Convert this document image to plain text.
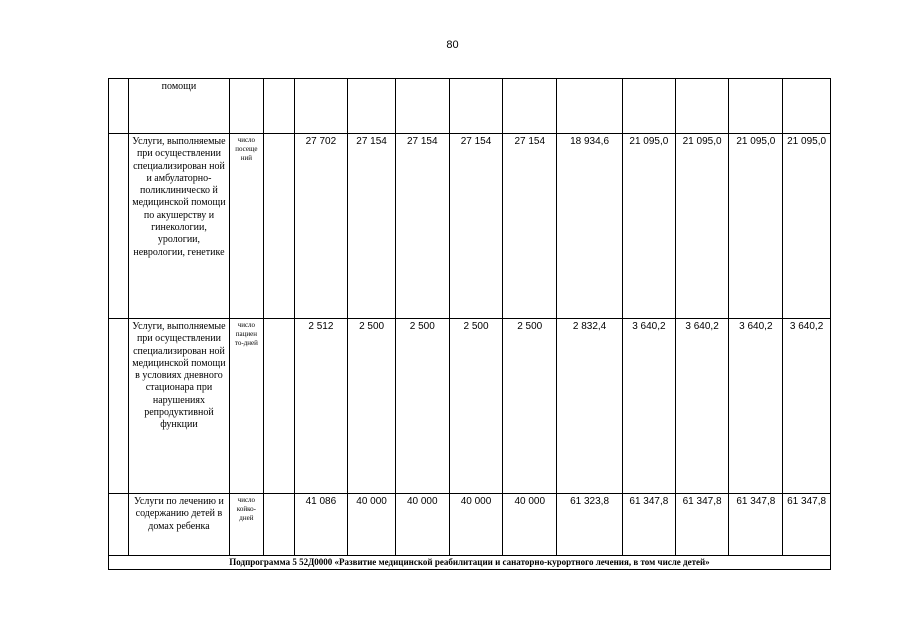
80
	помощи												
	Услуги, выполняемые при осуществлении специализирован ной и амбулаторно-поликлиническо й медицинской помощи по акушерству и гинекологии, урологии, неврологии, генетике	число посеще ний		27 702	27 154	27 154	27 154	27 154	18 934,6	21 095,0	21 095,0	21 095,0	21 095,0
	Услуги, выполняемые при осуществлении специализирован ной медицинской помощи в условиях дневного стационара при нарушениях репродуктивной функции	число пациен то-дней		2 512	2 500	2 500	2 500	2 500	2 832,4	3 640,2	3 640,2	3 640,2	3 640,2
	Услуги по лечению и содержанию детей в домах ребенка	число койко-дней		41 086	40 000	40 000	40 000	40 000	61 323,8	61 347,8	61 347,8	61 347,8	61 347,8
Подпрограмма 5 52Д0000 «Развитие медицинской реабилитации и санаторно-курортного лечения, в том числе детей»													
